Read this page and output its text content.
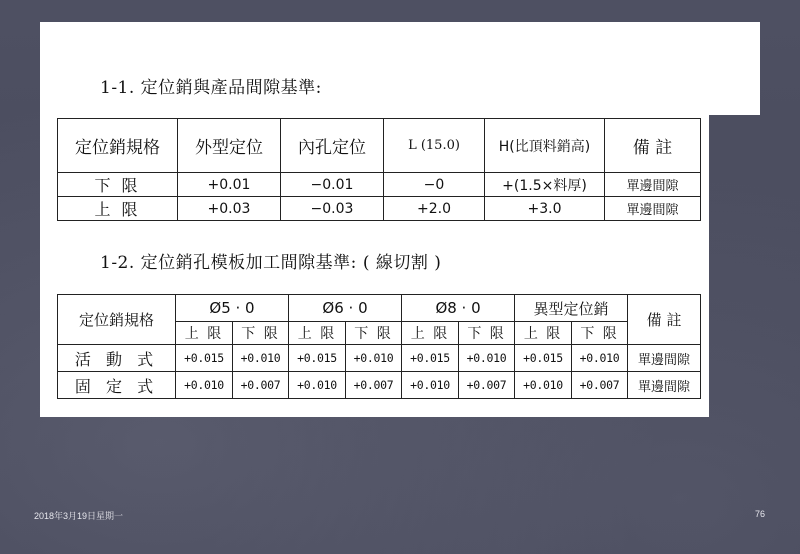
1-1. 定位銷與產品間隙基準:
定位銷規格	外型定位	內孔定位	L (15.0)	H(比頂料銷高)	備 註
下 限	+0.01	−0.01	−0	+(1.5×料厚)	單邊間隙
上 限	+0.03	−0.03	+2.0	+3.0	單邊間隙
1-2. 定位銷孔模板加工間隙基準: ( 線切割 )
定位銷規格	Ø5 · 0		Ø6 · 0		Ø8 · 0		異型定位銷		備 註
	上 限	下 限	上 限	下 限	上 限	下 限	上 限	下 限	
活 動 式	+0.015	+0.010	+0.015	+0.010	+0.015	+0.010	+0.015	+0.010	單邊間隙
固 定 式	+0.010	+0.007	+0.010	+0.007	+0.010	+0.007	+0.010	+0.007	單邊間隙
2018年3月19日星期一	76
